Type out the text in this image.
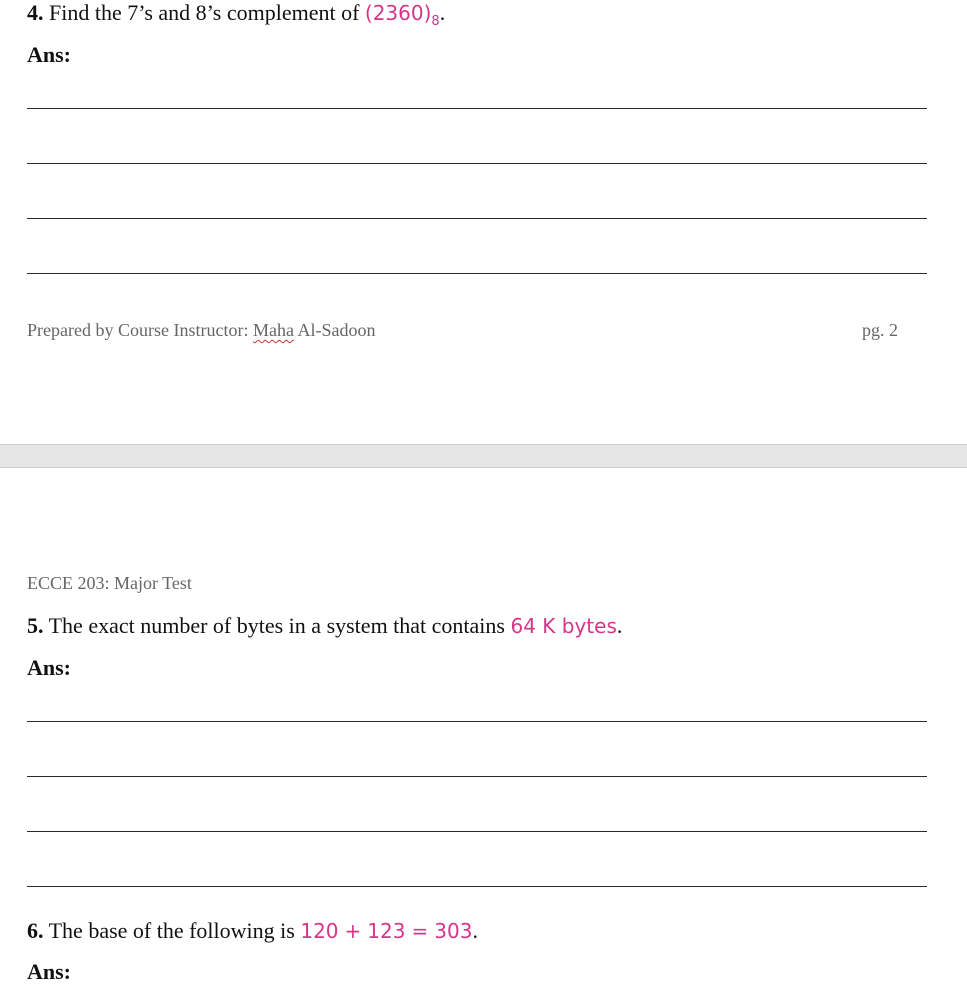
4. Find the 7’s and 8’s complement of $(2360)_8$.
Ans:
Prepared by Course Instructor: Maha Al-Sadoon	pg. 2
ECCE 203: Major Test
5. The exact number of bytes in a system that contains 64 K bytes.
Ans:
6. The base of the following is 120 + 123 = 303.
Ans:
